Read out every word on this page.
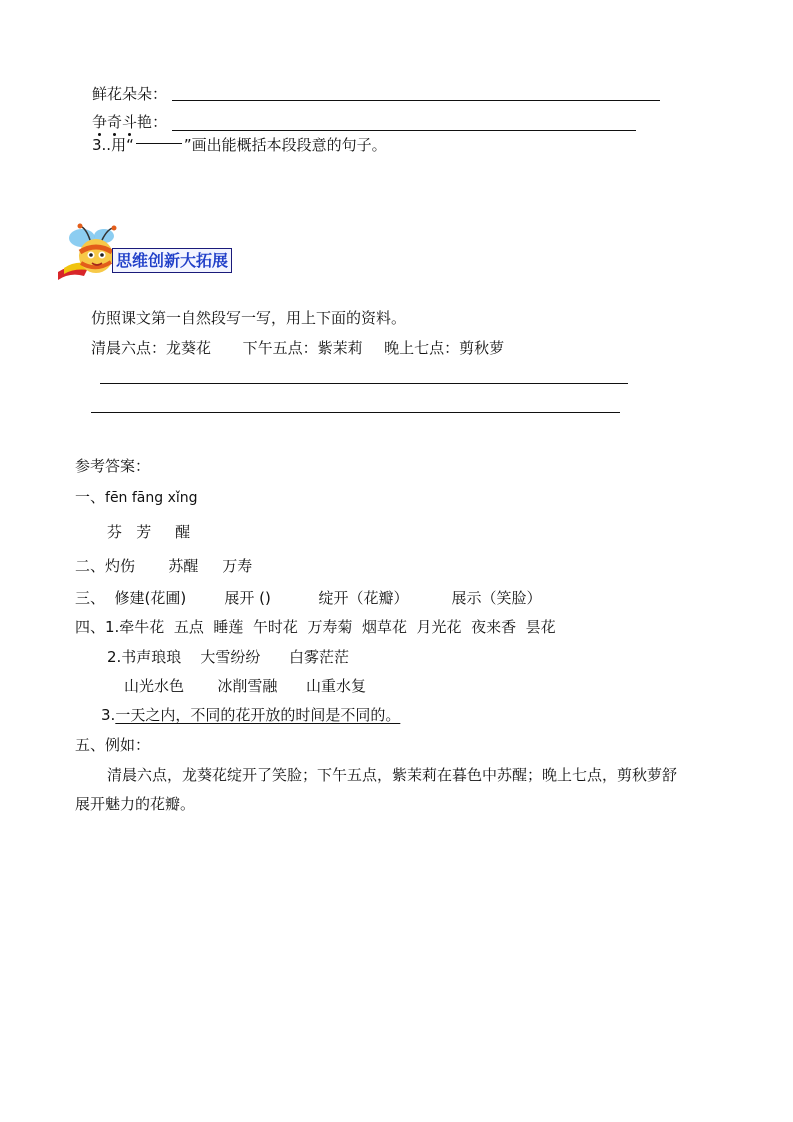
鲜花朵朵：
争奇斗艳：
3..用“	”画出能概括本段段意的句子。
思维创新大拓展
仿照课文第一自然段写一写，用上下面的资料。
清晨六点：龙葵花 下午五点：紫茉莉 晚上七点：剪秋萝
参考答案：
一、fēn fāng xǐng
芬   芳     醒
二、灼伤       苏醒     万寿
三、  修建(花圃)        展开 ()          绽开（花瓣）         展示（笑脸）
四、1.牵牛花  五点  睡莲  午时花  万寿菊  烟草花  月光花  夜来香  昙花
2.书声琅琅    大雪纷纷      白雾茫茫
山光水色       冰削雪融      山重水复
3.一天之内，不同的花开放的时间是不同的。
五、例如：
清晨六点，龙葵花绽开了笑脸；下午五点，紫茉莉在暮色中苏醒；晚上七点，剪秋萝舒
展开魅力的花瓣。
